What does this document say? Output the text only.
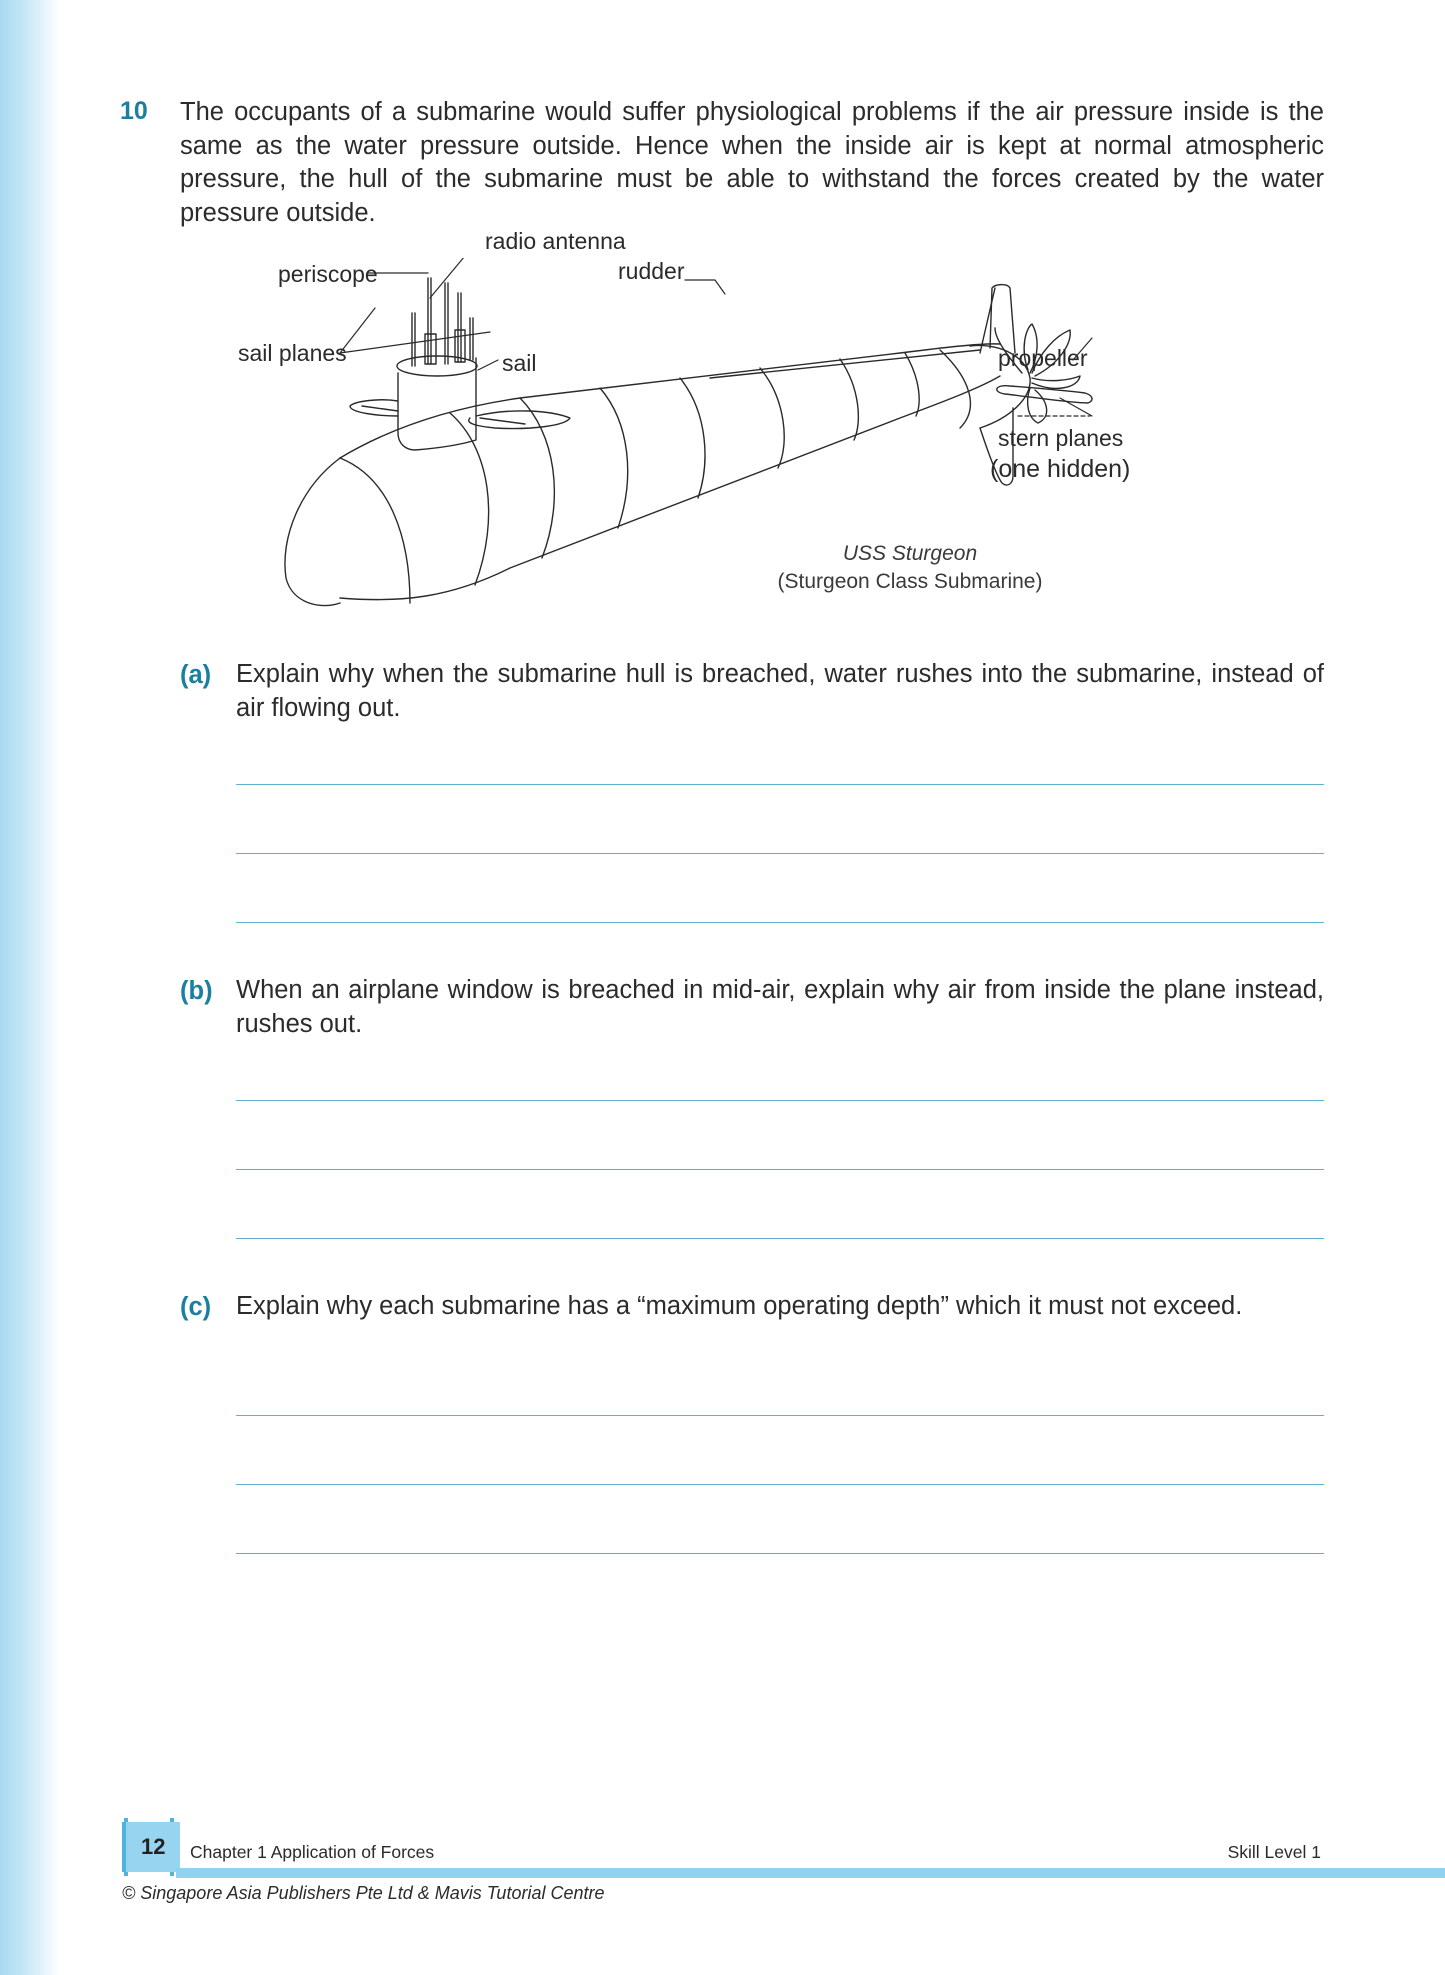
10 The occupants of a submarine would suffer physiological problems if the air pressure inside is the same as the water pressure outside. Hence when the inside air is kept at normal atmospheric pressure, the hull of the submarine must be able to withstand the forces created by the water pressure outside.
radio antenna
periscope
sail
rudder
propeller
sail planes
stern planes
(one hidden)
USS Sturgeon
(Sturgeon Class Submarine)
(a) Explain why when the submarine hull is breached, water rushes into the submarine, instead of air flowing out.
(b) When an airplane window is breached in mid-air, explain why air from inside the plane instead, rushes out.
(c) Explain why each submarine has a “maximum operating depth” which it must not exceed.
12 Chapter 1 Application of Forces	Skill Level 1
© Singapore Asia Publishers Pte Ltd & Mavis Tutorial Centre
